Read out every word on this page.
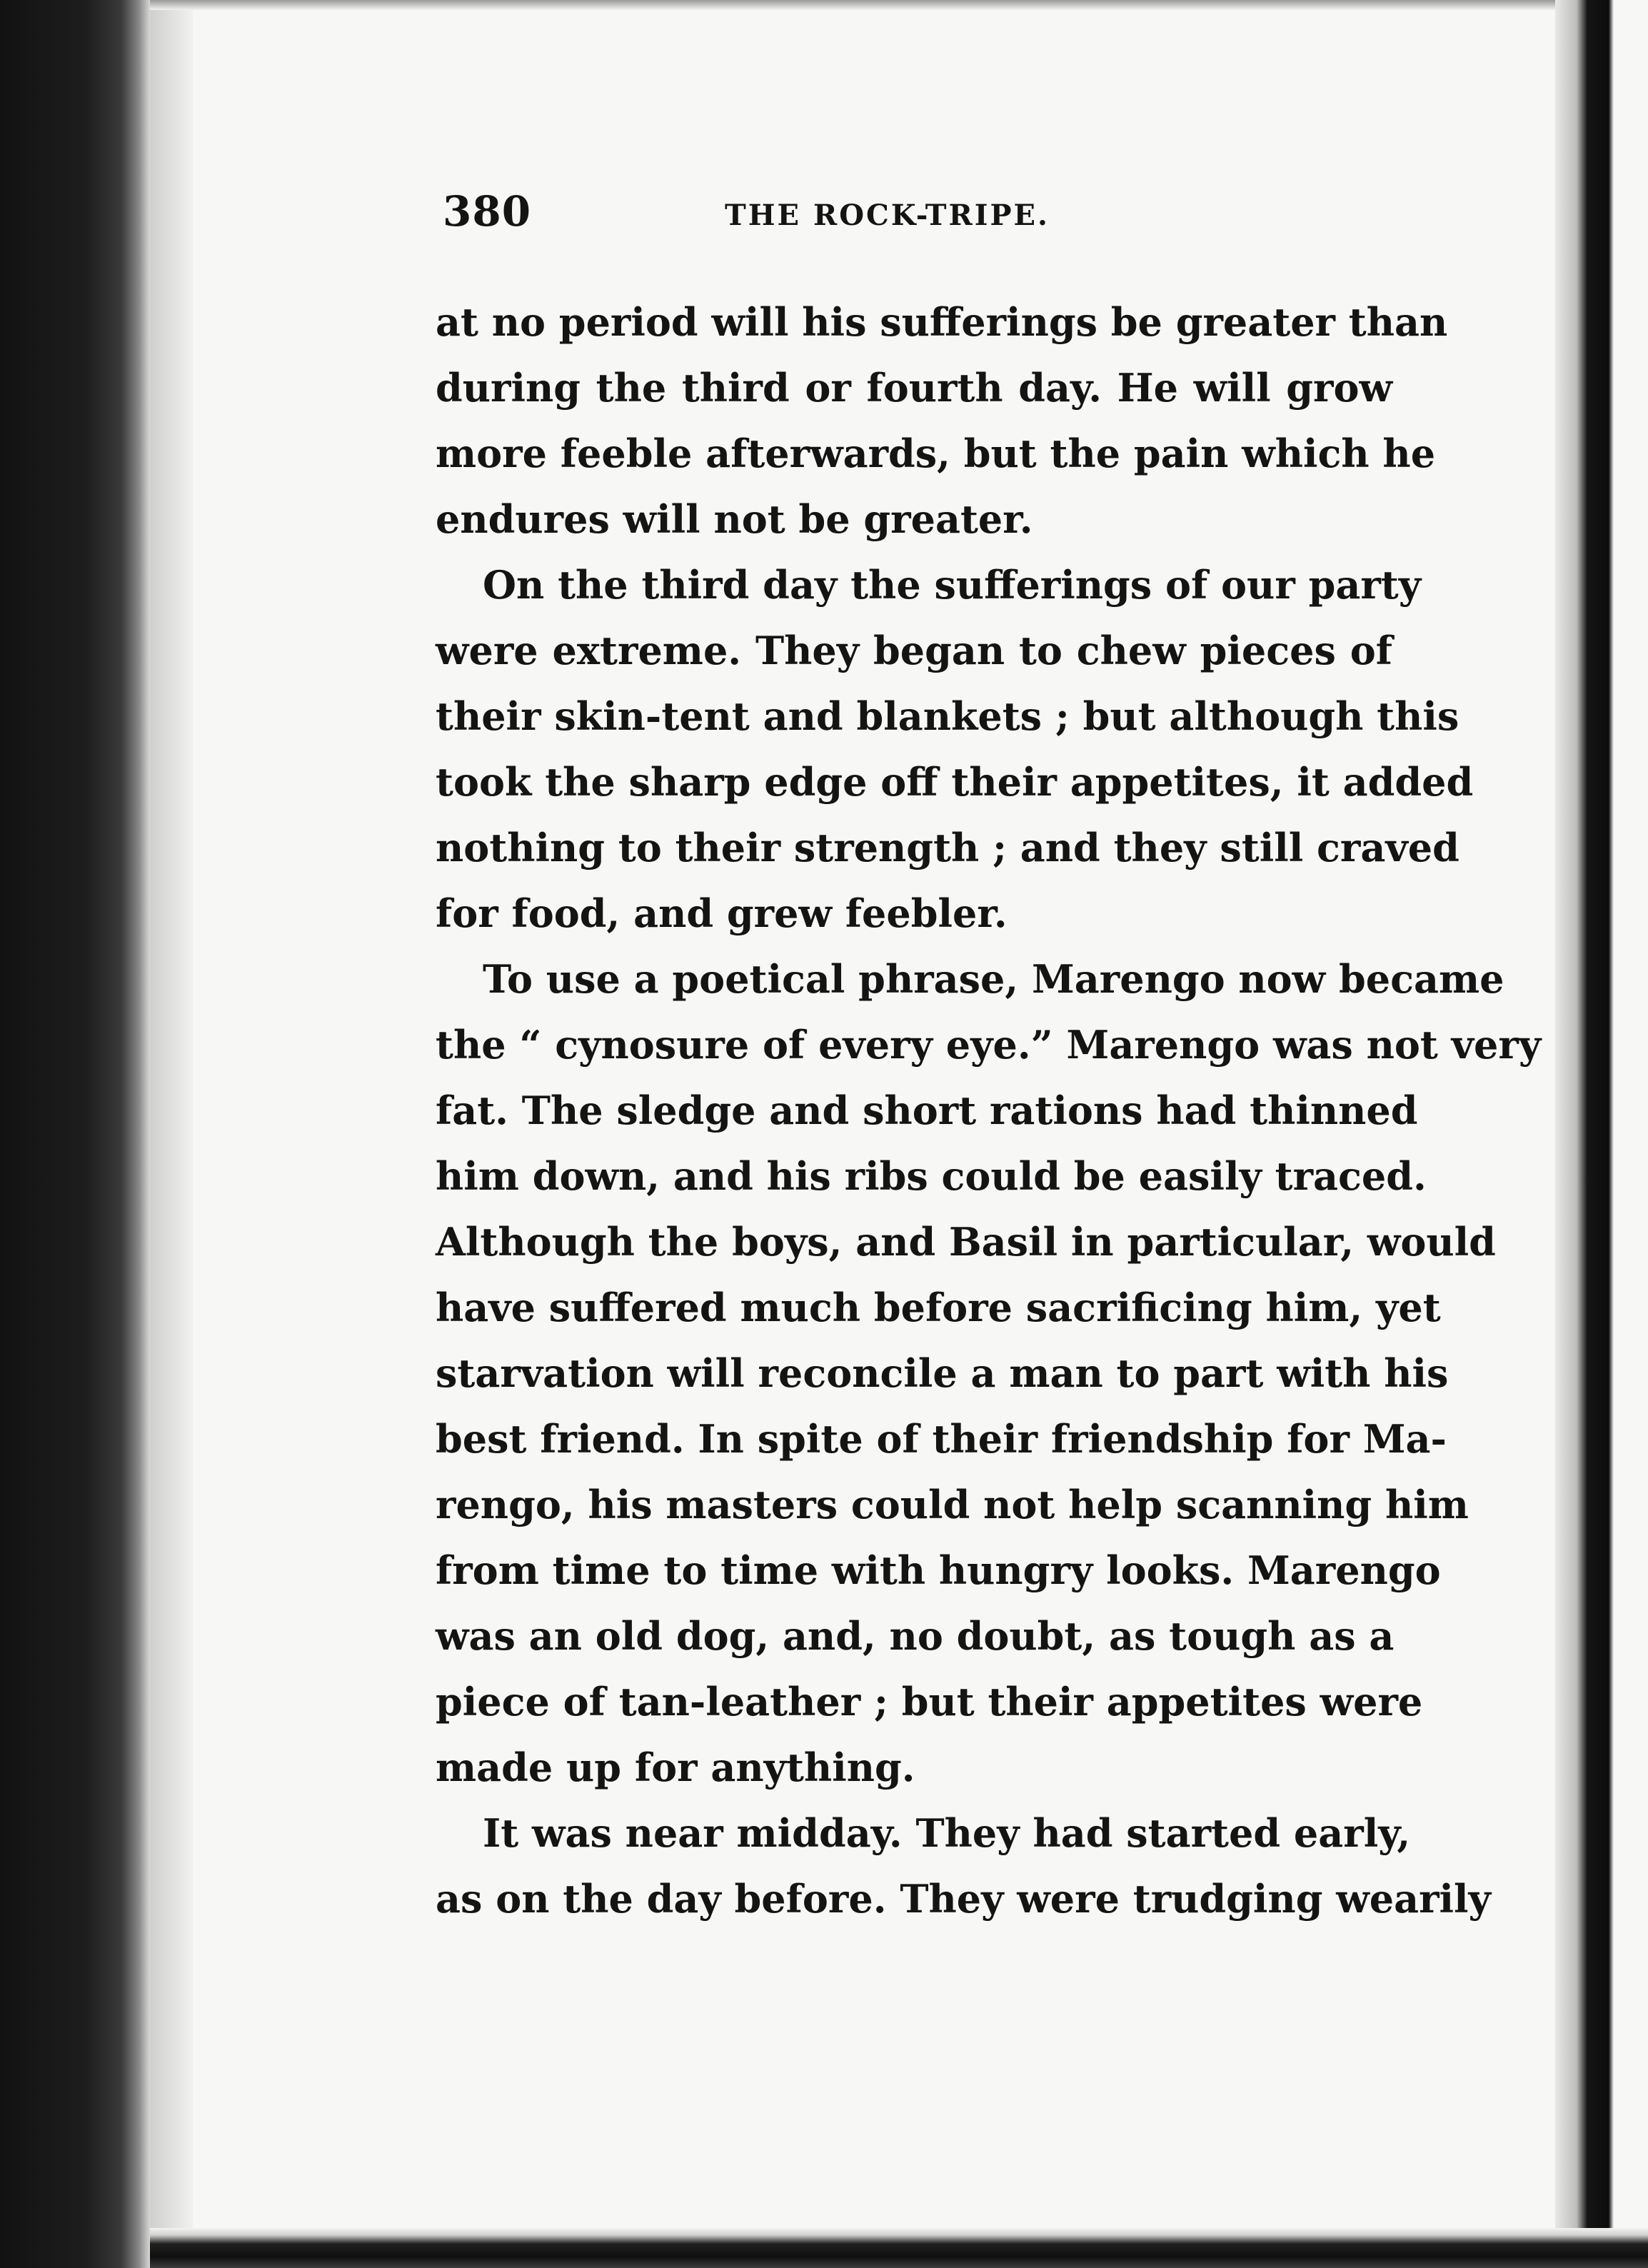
380	THE ROCK-TRIPE.

at no period will his sufferings be greater than
during the third or fourth day. He will grow
more feeble afterwards, but the pain which he
endures will not be greater.

On the third day the sufferings of our party
were extreme. They began to chew pieces of
their skin-tent and blankets ; but although this
took the sharp edge off their appetites, it added
nothing to their strength ; and they still craved
for food, and grew feebler.

To use a poetical phrase, Marengo now became
the “ cynosure of every eye.” Marengo was not very
fat. The sledge and short rations had thinned
him down, and his ribs could be easily traced.
Although the boys, and Basil in particular, would
have suffered much before sacrificing him, yet
starvation will reconcile a man to part with his
best friend. In spite of their friendship for Ma-
rengo, his masters could not help scanning him
from time to time with hungry looks. Marengo
was an old dog, and, no doubt, as tough as a
piece of tan-leather ; but their appetites were
made up for anything.

It was near midday. They had started early,
as on the day before. They were trudging wearily
